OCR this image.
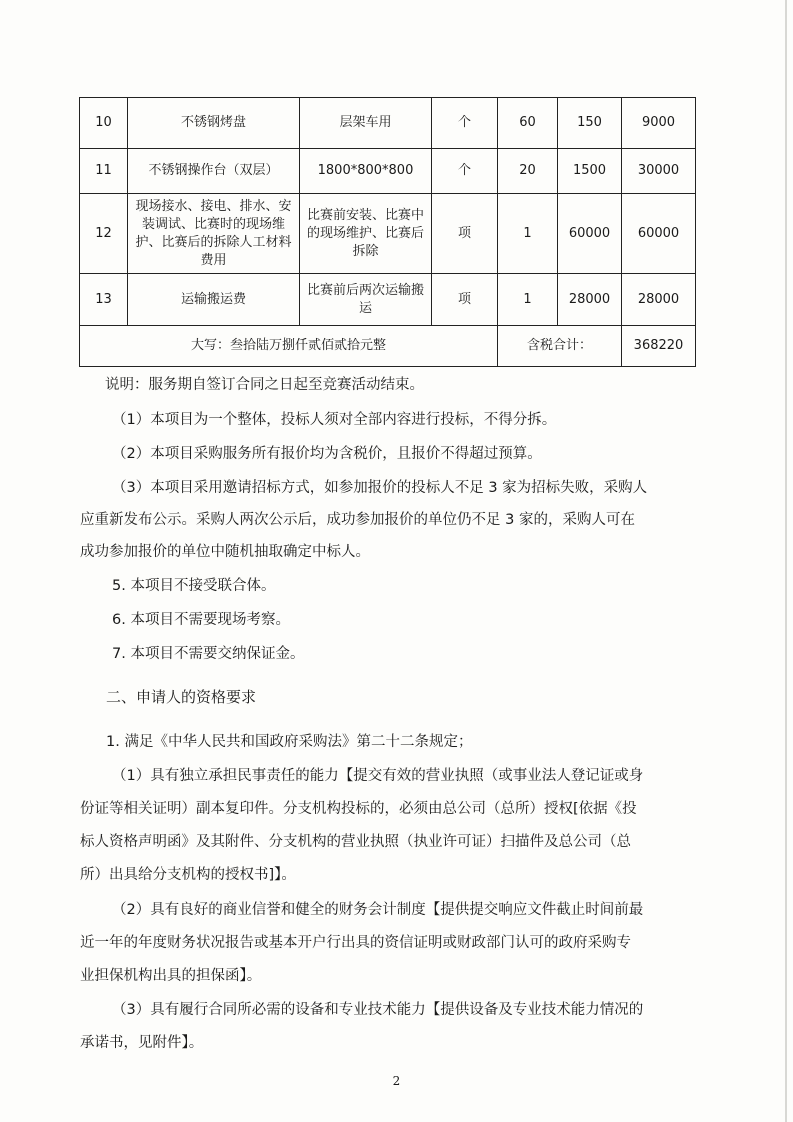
10	不锈钢烤盘	层架车用	个	60	150	9000
11	不锈钢操作台（双层）	1800*800*800	个	20	1500	30000
12	现场接水、接电、排水、安装调试、比赛时的现场维护、比赛后的拆除人工材料费用	比赛前安装、比赛中的现场维护、比赛后拆除	项	1	60000	60000
13	运输搬运费	比赛前后两次运输搬运	项	1	28000	28000
大写：叁拾陆万捌仟贰佰贰拾元整				含税合计：		368220
说明：服务期自签订合同之日起至竞赛活动结束。
（1）本项目为一个整体，投标人须对全部内容进行投标，不得分拆。
（2）本项目采购服务所有报价均为含税价，且报价不得超过预算。
（3）本项目采用邀请招标方式，如参加报价的投标人不足 3 家为招标失败，采购人
应重新发布公示。采购人两次公示后，成功参加报价的单位仍不足 3 家的，采购人可在
成功参加报价的单位中随机抽取确定中标人。
5. 本项目不接受联合体。
6. 本项目不需要现场考察。
7. 本项目不需要交纳保证金。
二、申请人的资格要求
1. 满足《中华人民共和国政府采购法》第二十二条规定；
（1）具有独立承担民事责任的能力【提交有效的营业执照（或事业法人登记证或身
份证等相关证明）副本复印件。分支机构投标的，必须由总公司（总所）授权[依据《投
标人资格声明函》及其附件、分支机构的营业执照（执业许可证）扫描件及总公司（总
所）出具给分支机构的授权书]】。
（2）具有良好的商业信誉和健全的财务会计制度【提供提交响应文件截止时间前最
近一年的年度财务状况报告或基本开户行出具的资信证明或财政部门认可的政府采购专
业担保机构出具的担保函】。
（3）具有履行合同所必需的设备和专业技术能力【提供设备及专业技术能力情况的
承诺书，见附件】。
2
